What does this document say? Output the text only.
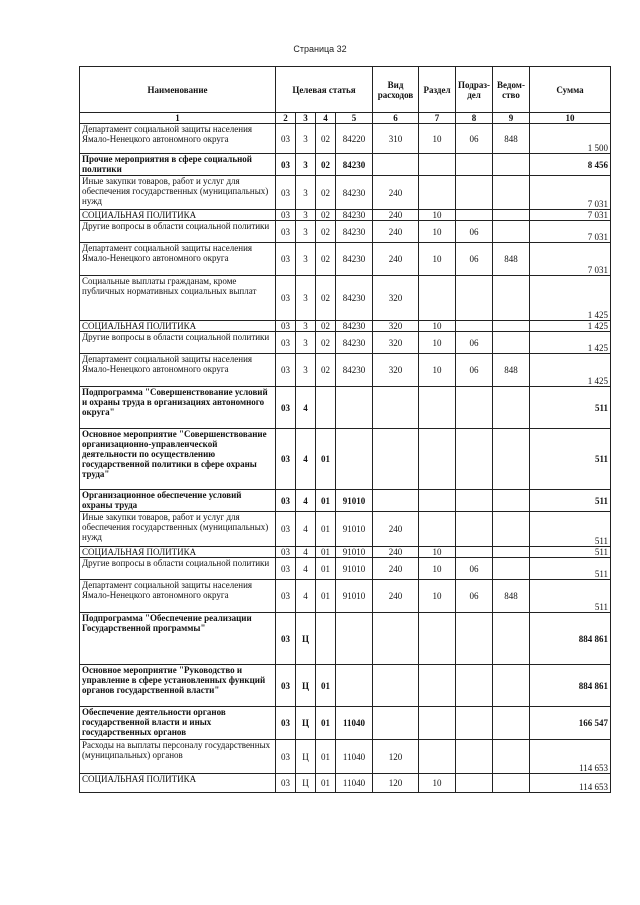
Страница 32
Наименование	Целевая статья				Вид расходов	Раздел	Подраз- дел	Ведом- ство	Сумма
1	2	3	4	5	6	7	8	9	10
Департамент социальной защиты населения Ямало-Ненецкого автономного округа	03	3	02	84220	310	10	06	848	1 500
Прочие мероприятия в сфере социальной политики	03	3	02	84230					8 456
Иные закупки товаров, работ и услуг для обеспечения государственных (муниципальных) нужд	03	3	02	84230	240				7 031
СОЦИАЛЬНАЯ ПОЛИТИКА	03	3	02	84230	240	10			7 031
Другие вопросы в области социальной политики	03	3	02	84230	240	10	06		7 031
Департамент социальной защиты населения Ямало-Ненецкого автономного округа	03	3	02	84230	240	10	06	848	7 031
Социальные выплаты гражданам, кроме публичных нормативных социальных выплат	03	3	02	84230	320				1 425
СОЦИАЛЬНАЯ ПОЛИТИКА	03	3	02	84230	320	10			1 425
Другие вопросы в области социальной политики	03	3	02	84230	320	10	06		1 425
Департамент социальной защиты населения Ямало-Ненецкого автономного округа	03	3	02	84230	320	10	06	848	1 425
Подпрограмма "Совершенствование условий и охраны труда в организациях автономного округа"	03	4							511
Основное мероприятие "Совершенствование организационно-управленческой деятельности по осуществлению государственной политики в сфере охраны труда"	03	4	01						511
Организационное обеспечение условий охраны труда	03	4	01	91010					511
Иные закупки товаров, работ и услуг для обеспечения государственных (муниципальных) нужд	03	4	01	91010	240				511
СОЦИАЛЬНАЯ ПОЛИТИКА	03	4	01	91010	240	10			511
Другие вопросы в области социальной политики	03	4	01	91010	240	10	06		511
Департамент социальной защиты населения Ямало-Ненецкого автономного округа	03	4	01	91010	240	10	06	848	511
Подпрограмма "Обеспечение реализации Государственной программы"	03	Ц							884 861
Основное мероприятие "Руководство и управление в сфере установленных функций органов государственной власти"	03	Ц	01						884 861
Обеспечение деятельности органов государственной власти и иных государственных органов	03	Ц	01	11040					166 547
Расходы на выплаты персоналу государственных (муниципальных) органов	03	Ц	01	11040	120				114 653
СОЦИАЛЬНАЯ ПОЛИТИКА	03	Ц	01	11040	120	10			114 653
